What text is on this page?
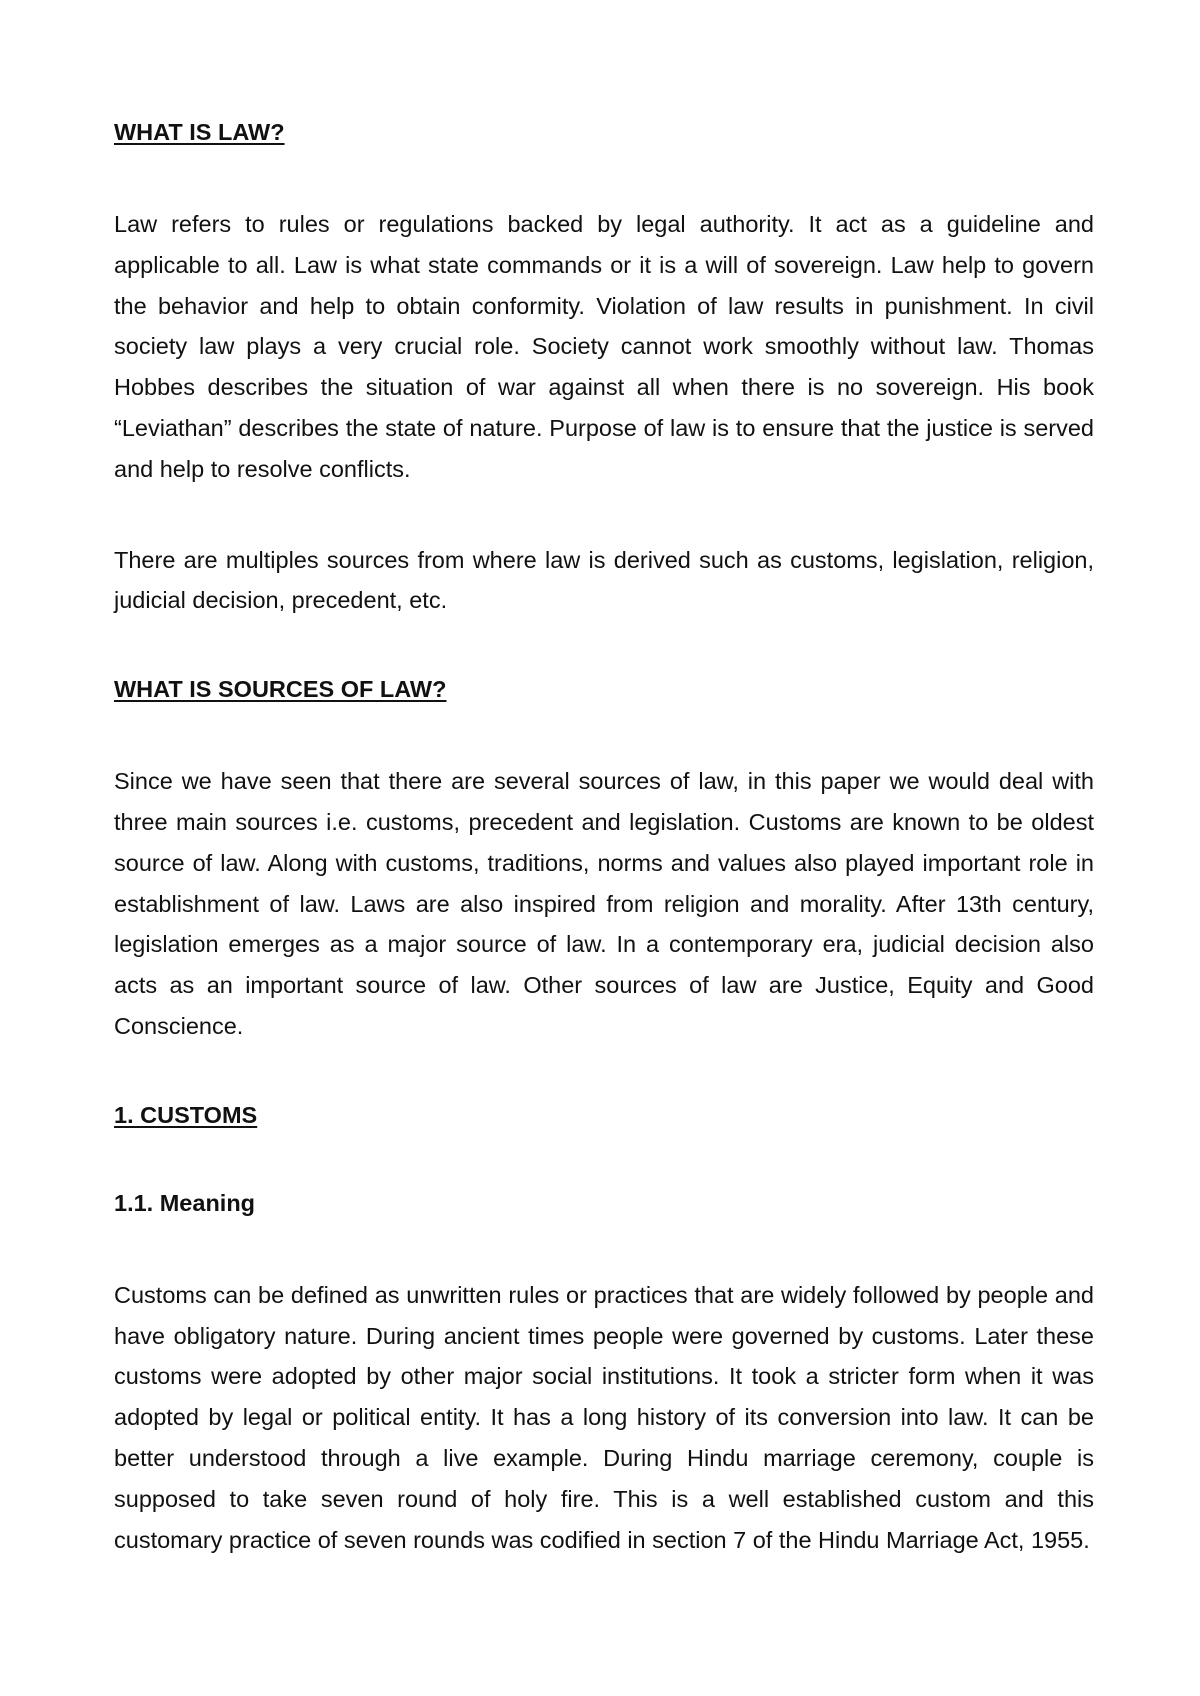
WHAT IS LAW?

Law refers to rules or regulations backed by legal authority. It act as a guideline and applicable to all. Law is what state commands or it is a will of sovereign. Law help to govern the behavior and help to obtain conformity. Violation of law results in punishment. In civil society law plays a very crucial role. Society cannot work smoothly without law. Thomas Hobbes describes the situation of war against all when there is no sovereign. His book “Leviathan” describes the state of nature. Purpose of law is to ensure that the justice is served and help to resolve conflicts.

There are multiples sources from where law is derived such as customs, legislation, religion, judicial decision, precedent, etc.

WHAT IS SOURCES OF LAW?

Since we have seen that there are several sources of law, in this paper we would deal with three main sources i.e. customs, precedent and legislation. Customs are known to be oldest source of law. Along with customs, traditions, norms and values also played important role in establishment of law. Laws are also inspired from religion and morality. After 13th century, legislation emerges as a major source of law. In a contemporary era, judicial decision also acts as an important source of law. Other sources of law are Justice, Equity and Good Conscience.

1. CUSTOMS
1.1. Meaning

Customs can be defined as unwritten rules or practices that are widely followed by people and have obligatory nature. During ancient times people were governed by customs. Later these customs were adopted by other major social institutions. It took a stricter form when it was adopted by legal or political entity. It has a long history of its conversion into law. It can be better understood through a live example. During Hindu marriage ceremony, couple is supposed to take seven round of holy fire. This is a well established custom and this customary practice of seven rounds was codified in section 7 of the Hindu Marriage Act, 1955.
